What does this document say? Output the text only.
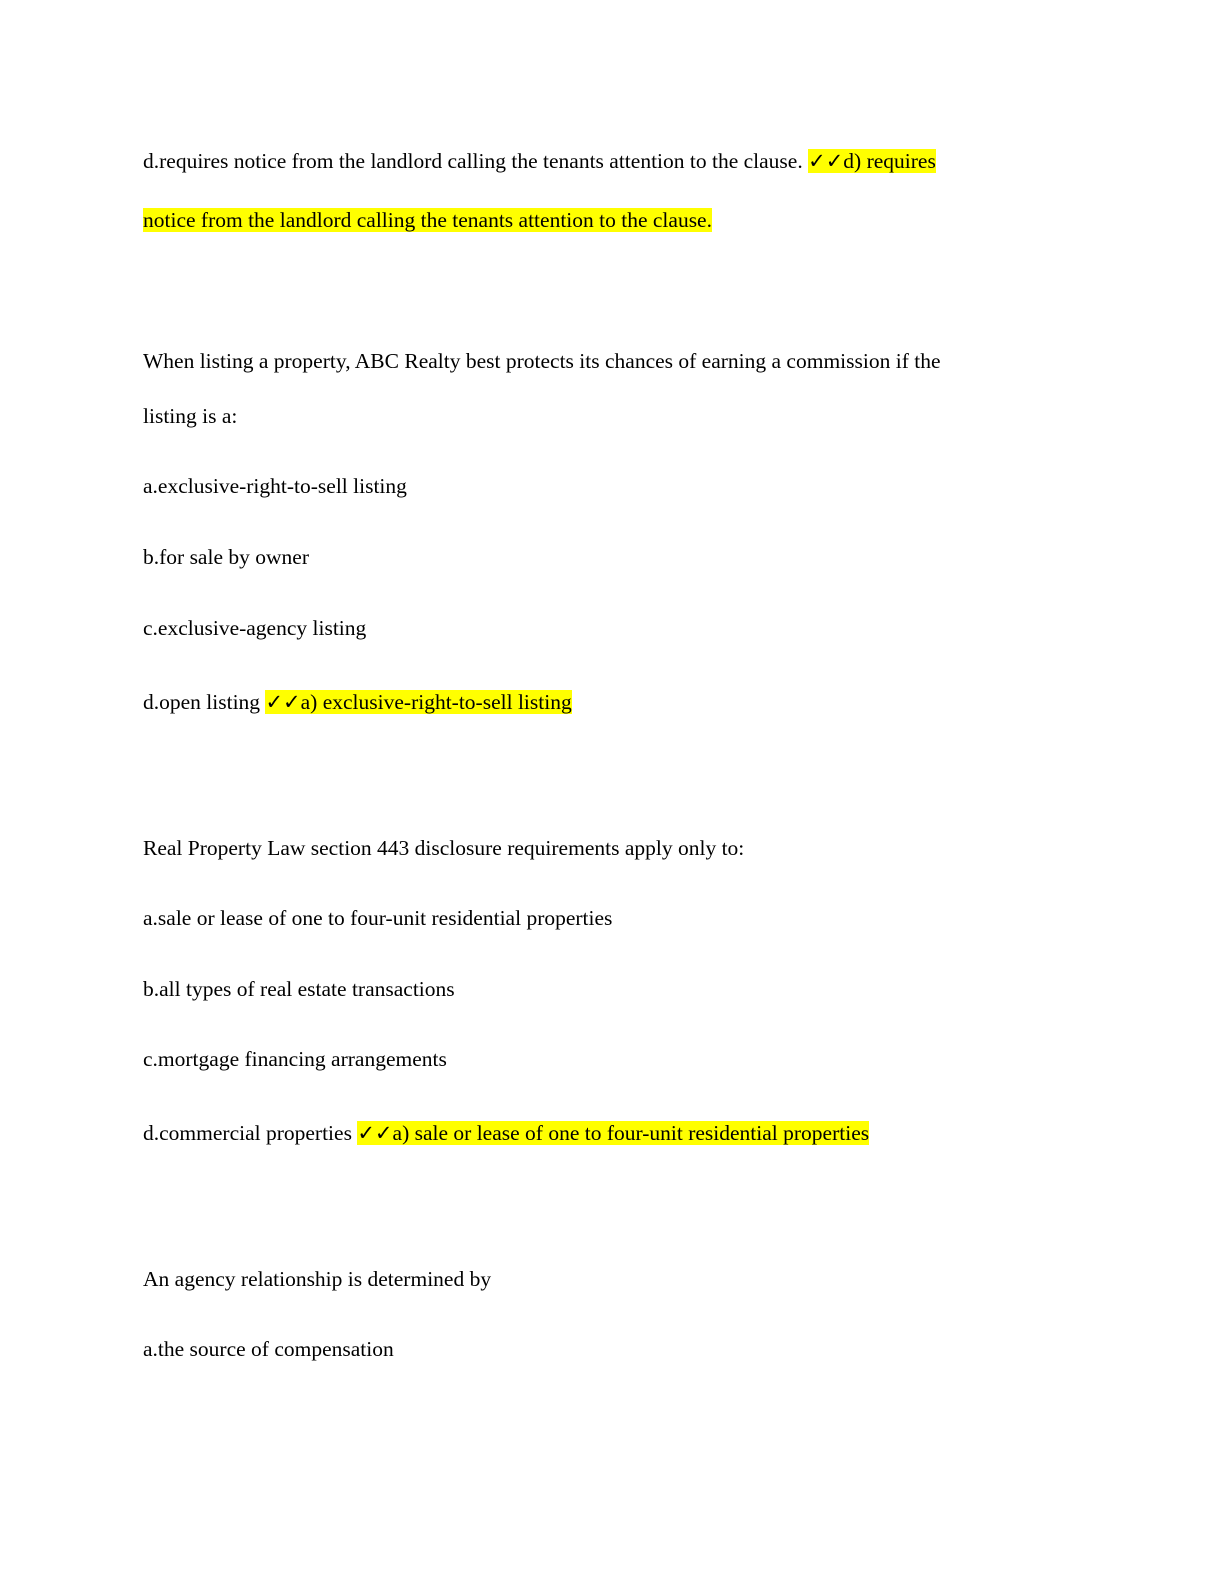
d.requires notice from the landlord calling the tenants attention to the clause. ✓✓d) requires
notice from the landlord calling the tenants attention to the clause.
When listing a property, ABC Realty best protects its chances of earning a commission if the
listing is a:
a.exclusive-right-to-sell listing
b.for sale by owner
c.exclusive-agency listing
d.open listing ✓✓a) exclusive-right-to-sell listing
Real Property Law section 443 disclosure requirements apply only to:
a.sale or lease of one to four-unit residential properties
b.all types of real estate transactions
c.mortgage financing arrangements
d.commercial properties ✓✓a) sale or lease of one to four-unit residential properties
An agency relationship is determined by
a.the source of compensation
